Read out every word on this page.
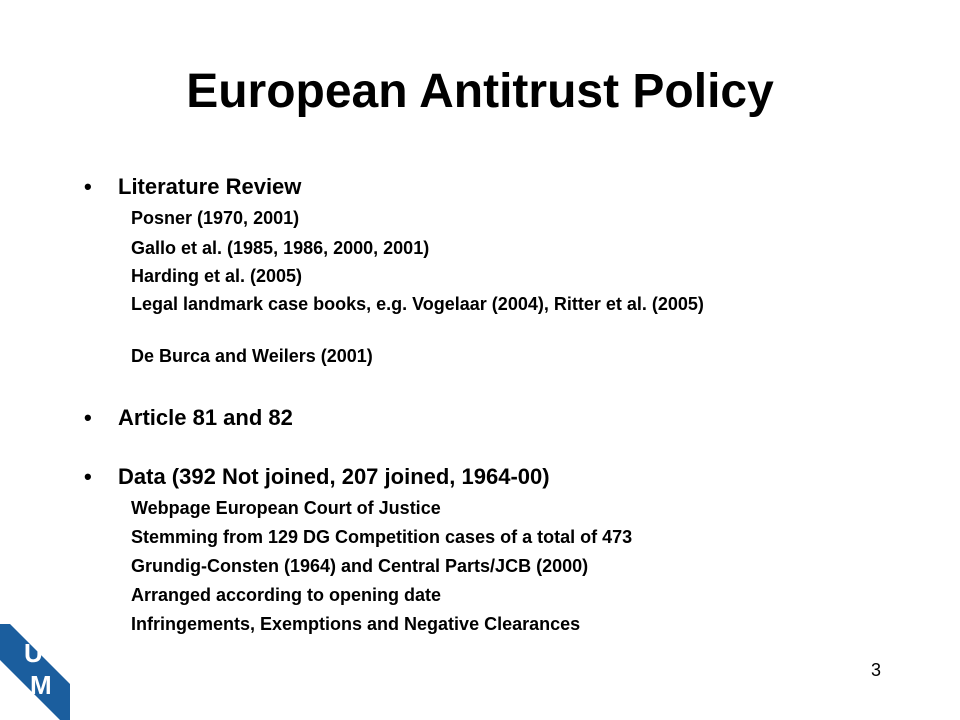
European Antitrust Policy
• Literature Review
Posner (1970, 2001)
Gallo et al. (1985, 1986, 2000, 2001)
Harding et al. (2005)
Legal landmark case books, e.g. Vogelaar (2004), Ritter et al. (2005)
De Burca and Weilers (2001)
• Article 81 and 82
• Data (392 Not joined, 207 joined, 1964-00)
Webpage European Court of Justice
Stemming from 129 DG Competition cases of a total of 473
Grundig-Consten (1964) and Central Parts/JCB (2000)
Arranged according to opening date
Infringements, Exemptions and Negative Clearances
U
M	3
